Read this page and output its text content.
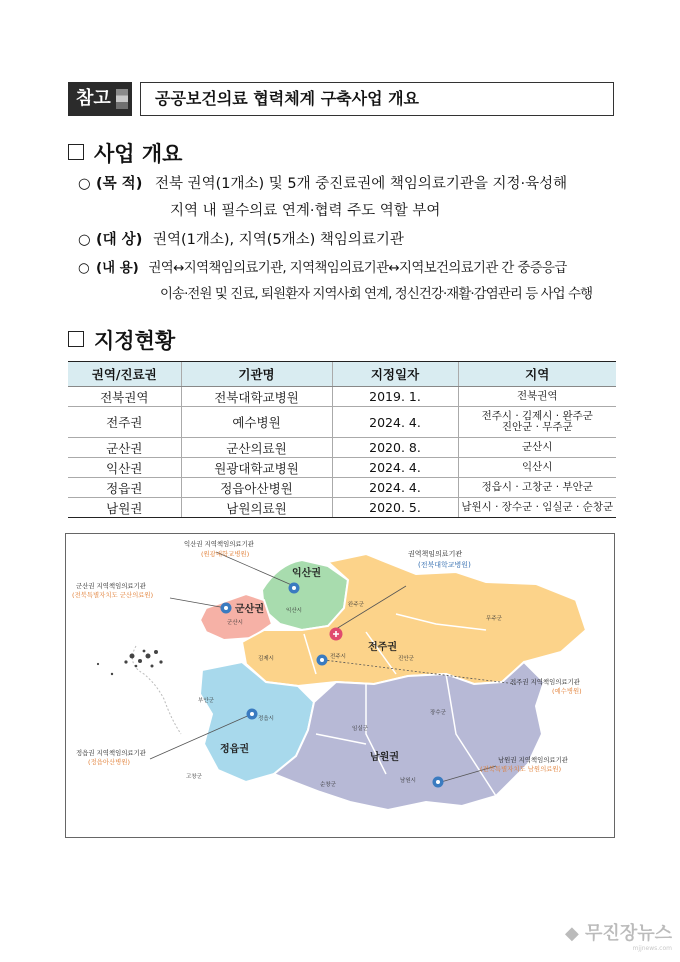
참고	공공보건의료 협력체계 구축사업 개요
사업 개요
○ (목 적) 전북 권역(1개소) 및 5개 중진료권에 책임의료기관을 지정·육성해
지역 내 필수의료 연계·협력 주도 역할 부여
○ (대 상) 권역(1개소), 지역(5개소) 책임의료기관
○ (내 용) 권역↔지역책임의료기관, 지역책임의료기관↔지역보건의료기관 간 중증응급
이송·전원 및 진료, 퇴원환자 지역사회 연계, 정신건강·재활·감염관리 등 사업 수행
지정현황
권역/진료권	기관명	지정일자	지역
전북권역	전북대학교병원	2019. 1.	전북권역
전주권	예수병원	2024. 4.	전주시 · 김제시 · 완주군
진안군 · 무주군
군산권	군산의료원	2020. 8.	군산시
익산권	원광대학교병원	2024. 4.	익산시
정읍권	정읍아산병원	2024. 4.	정읍시 · 고창군 · 부안군
남원권	남원의료원	2020. 5.	남원시 · 장수군 · 임실군 · 순창군
익산권
군산권
전주권
정읍권
남원권
익산시
군산시
완주군
무주군
김제시	전주시	진안군
부안군
정읍시
고창군
임실군
장수군
순창군
남원시
익산권 지역책임의료기관
(원광대학교병원)
군산권 지역책임의료기관
(전북특별자치도 군산의료원)
권역책임의료기관
(전북대학교병원)
전주권 지역책임의료기관
(예수병원)
정읍권 지역책임의료기관
(정읍아산병원)	남원권 지역책임의료기관
(전북특별자치도 남원의료원)
◆ 무진장뉴스
mjjnews.com
